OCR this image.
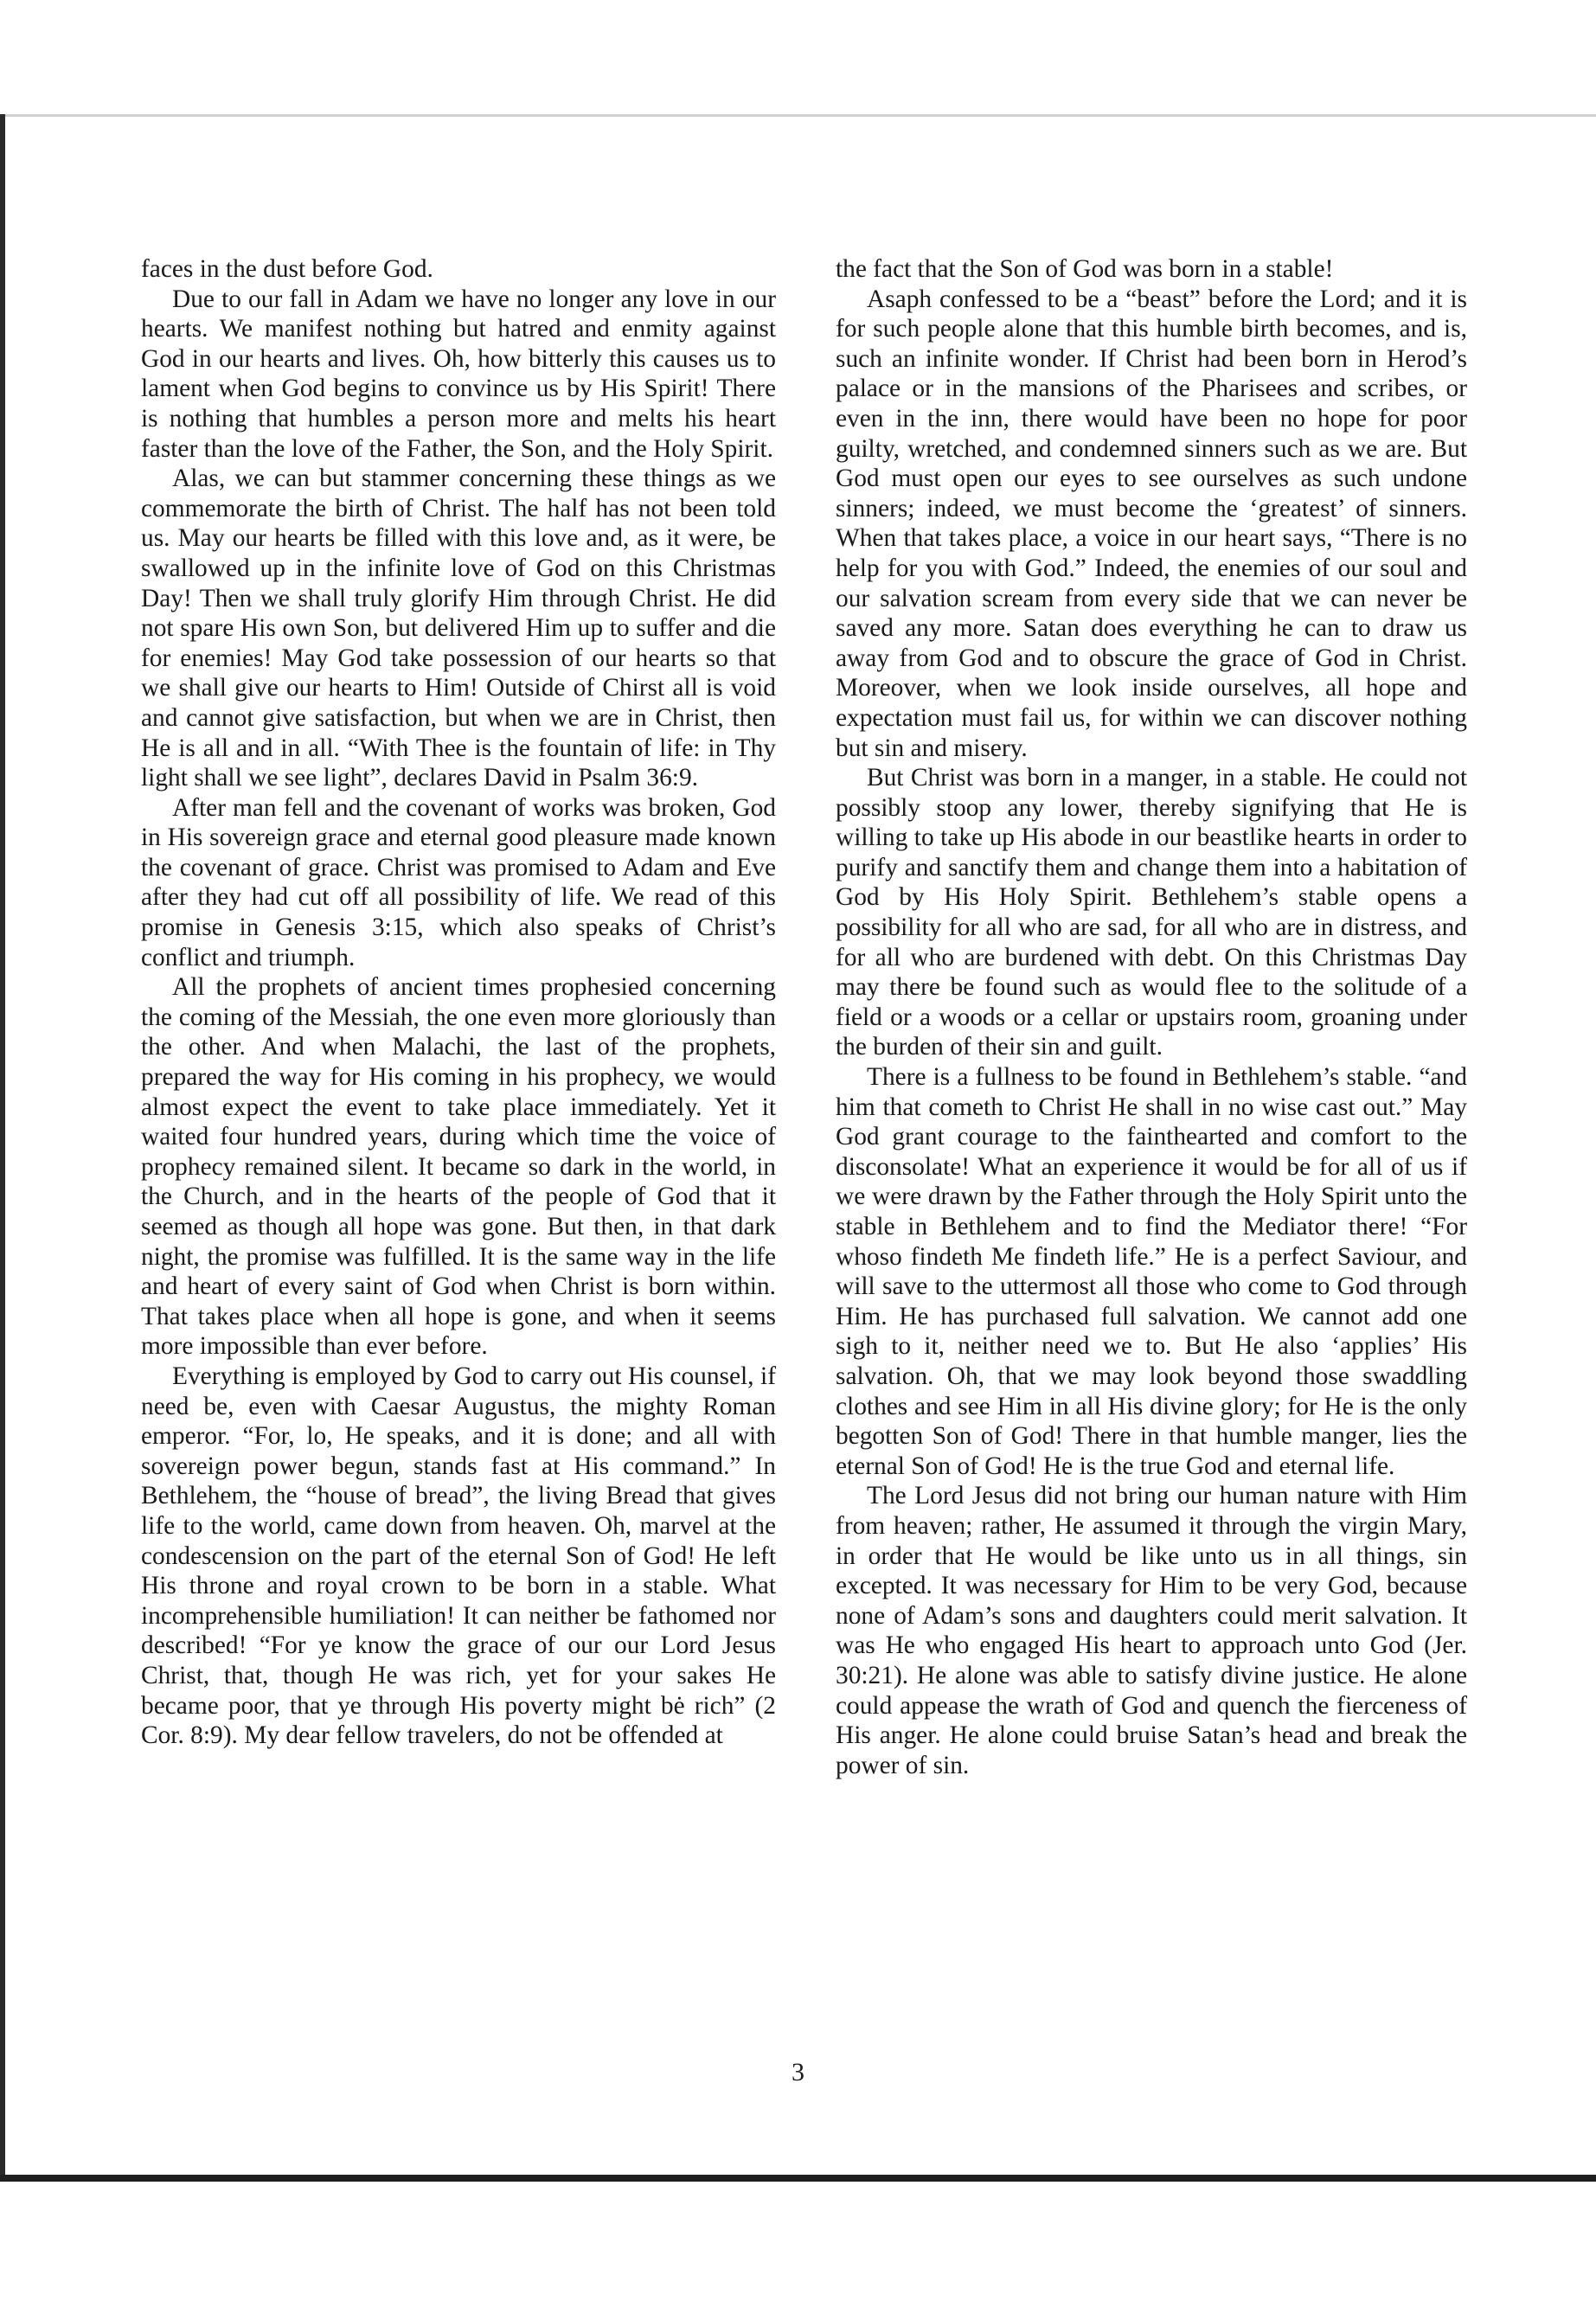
faces in the dust before God.

Due to our fall in Adam we have no longer any love in our hearts. We manifest nothing but hatred and enmity against God in our hearts and lives. Oh, how bitterly this causes us to lament when God begins to convince us by His Spirit! There is nothing that humbles a person more and melts his heart faster than the love of the Father, the Son, and the Holy Spirit.

Alas, we can but stammer concerning these things as we commemorate the birth of Christ. The half has not been told us. May our hearts be filled with this love and, as it were, be swallowed up in the infinite love of God on this Christmas Day! Then we shall truly glorify Him through Christ. He did not spare His own Son, but delivered Him up to suffer and die for enemies! May God take possession of our hearts so that we shall give our hearts to Him! Outside of Chirst all is void and cannot give satisfaction, but when we are in Christ, then He is all and in all. “With Thee is the fountain of life: in Thy light shall we see light”, declares David in Psalm 36:9.

After man fell and the covenant of works was broken, God in His sovereign grace and eternal good pleasure made known the covenant of grace. Christ was promised to Adam and Eve after they had cut off all possibility of life. We read of this promise in Genesis 3:15, which also speaks of Christ’s conflict and triumph.

All the prophets of ancient times prophesied concerning the coming of the Messiah, the one even more gloriously than the other. And when Malachi, the last of the prophets, prepared the way for His coming in his prophecy, we would almost expect the event to take place immediately. Yet it waited four hundred years, during which time the voice of prophecy remained silent. It became so dark in the world, in the Church, and in the hearts of the people of God that it seemed as though all hope was gone. But then, in that dark night, the promise was fulfilled. It is the same way in the life and heart of every saint of God when Christ is born within. That takes place when all hope is gone, and when it seems more impossible than ever before.

Everything is employed by God to carry out His counsel, if need be, even with Caesar Augustus, the mighty Roman emperor. “For, lo, He speaks, and it is done; and all with sovereign power begun, stands fast at His command.” In Bethlehem, the “house of bread”, the living Bread that gives life to the world, came down from heaven. Oh, marvel at the condescension on the part of the eternal Son of God! He left His throne and royal crown to be born in a stable. What incomprehensible humiliation! It can neither be fathomed nor described! “For ye know the grace of our our Lord Jesus Christ, that, though He was rich, yet for your sakes He became poor, that ye through His poverty might bė rich” (2 Cor. 8:9). My dear fellow travelers, do not be offended at

the fact that the Son of God was born in a stable!

Asaph confessed to be a “beast” before the Lord; and it is for such people alone that this humble birth becomes, and is, such an infinite wonder. If Christ had been born in Herod’s palace or in the mansions of the Pharisees and scribes, or even in the inn, there would have been no hope for poor guilty, wretched, and condemned sinners such as we are. But God must open our eyes to see ourselves as such undone sinners; indeed, we must become the ‘greatest’ of sinners. When that takes place, a voice in our heart says, “There is no help for you with God.” Indeed, the enemies of our soul and our salvation scream from every side that we can never be saved any more. Satan does everything he can to draw us away from God and to obscure the grace of God in Christ. Moreover, when we look inside ourselves, all hope and expectation must fail us, for within we can discover nothing but sin and misery.

But Christ was born in a manger, in a stable. He could not possibly stoop any lower, thereby signifying that He is willing to take up His abode in our beastlike hearts in order to purify and sanctify them and change them into a habitation of God by His Holy Spirit. Bethlehem’s stable opens a possibility for all who are sad, for all who are in distress, and for all who are burdened with debt. On this Christmas Day may there be found such as would flee to the solitude of a field or a woods or a cellar or upstairs room, groaning under the burden of their sin and guilt.

There is a fullness to be found in Bethlehem’s stable. “and him that cometh to Christ He shall in no wise cast out.” May God grant courage to the fainthearted and comfort to the disconsolate! What an experience it would be for all of us if we were drawn by the Father through the Holy Spirit unto the stable in Bethlehem and to find the Mediator there! “For whoso findeth Me findeth life.” He is a perfect Saviour, and will save to the uttermost all those who come to God through Him. He has purchased full salvation. We cannot add one sigh to it, neither need we to. But He also ‘applies’ His salvation. Oh, that we may look beyond those swaddling clothes and see Him in all His divine glory; for He is the only begotten Son of God! There in that humble manger, lies the eternal Son of God! He is the true God and eternal life.

The Lord Jesus did not bring our human nature with Him from heaven; rather, He assumed it through the virgin Mary, in order that He would be like unto us in all things, sin excepted. It was necessary for Him to be very God, because none of Adam’s sons and daughters could merit salvation. It was He who engaged His heart to approach unto God (Jer. 30:21). He alone was able to satisfy divine justice. He alone could appease the wrath of God and quench the fierceness of His anger. He alone could bruise Satan’s head and break the power of sin.

3
